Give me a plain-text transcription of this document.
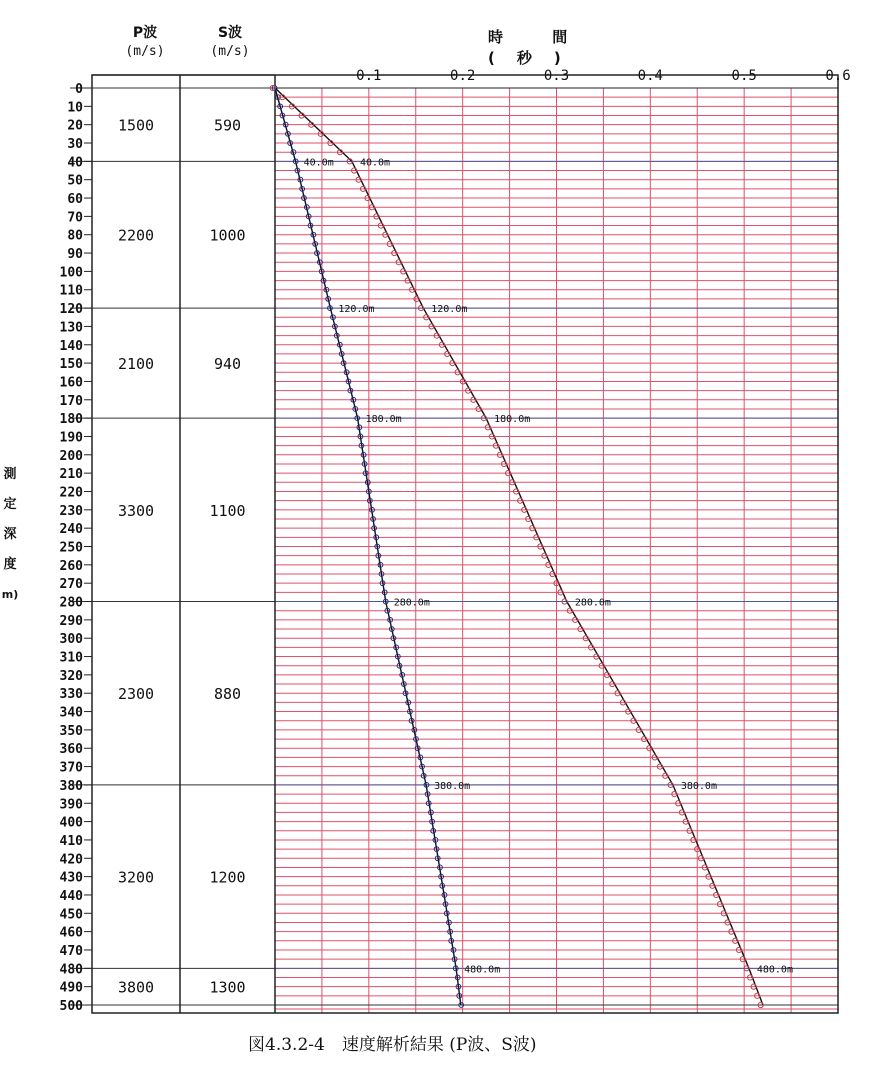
P波
(m/s)
S波
(m/s)
時 間 (秒)
測
定
深
度
m)
1500	590
2200	1000
2100	940
3300	1100
2300	880
3200	1200
3800	1300
0
10
20
30
40
50
60
70
80
90
100
110
120
130
140
150
160
170
180
190
200
210
220
230
240
250
260
270
280
290
300
310
320
330
340
350
360
370
380
390
400
410
420
430
440
450
460
470
480
490
500
0.1	0.2	0.3	0.4	0.5	0.6
40.0m
120.0m
180.0m
280.0m
380.0m
480.0m
40.0m
120.0m
180.0m
280.0m
380.0m
480.0m
図4.3.2-4　速度解析結果 (P波、S波)
